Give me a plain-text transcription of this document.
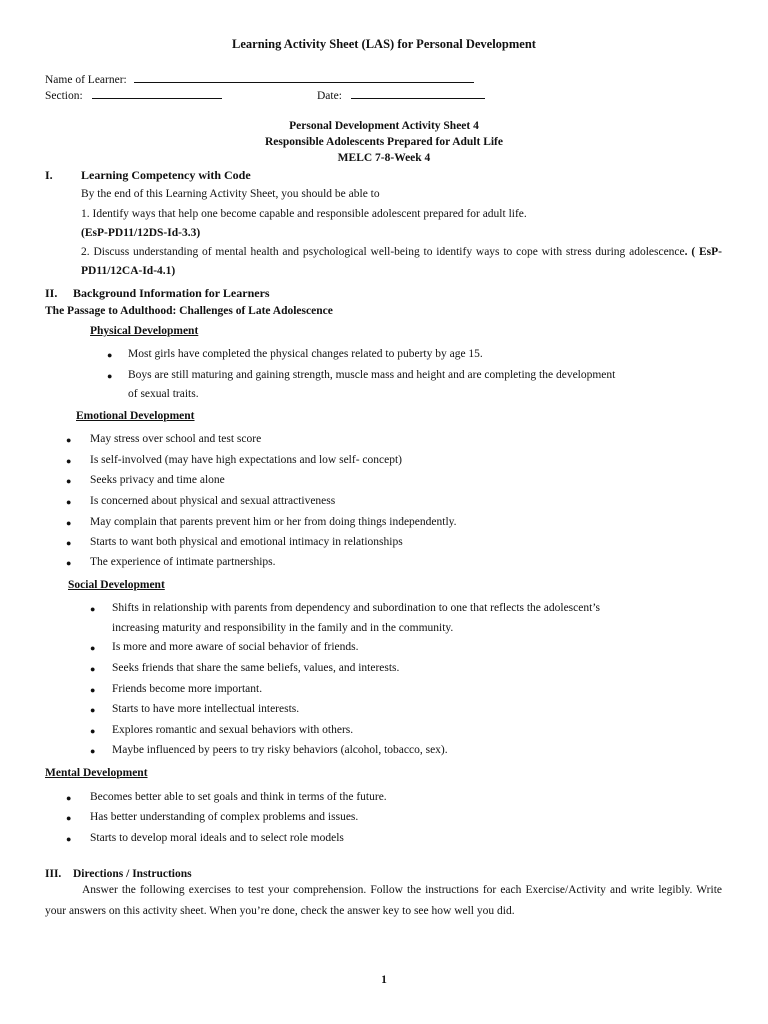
Learning Activity Sheet (LAS) for Personal Development
Name of Learner:
Section:	Date:
Personal Development Activity Sheet 4
Responsible Adolescents Prepared for Adult Life
MELC 7-8-Week 4
I. Learning Competency with Code
By the end of this Learning Activity Sheet, you should be able to
1. Identify ways that help one become capable and responsible adolescent prepared for adult life.
(EsP-PD11/12DS-Id-3.3)
2. Discuss understanding of mental health and psychological well-being to identify ways to cope with stress during adolescence. ( EsP-PD11/12CA-Id-4.1)
II. Background Information for Learners
The Passage to Adulthood: Challenges of Late Adolescence
Physical Development
● Most girls have completed the physical changes related to puberty by age 15.
● Boys are still maturing and gaining strength, muscle mass and height and are completing the development
of sexual traits.
Emotional Development
● May stress over school and test score
● Is self-involved (may have high expectations and low self- concept)
● Seeks privacy and time alone
● Is concerned about physical and sexual attractiveness
● May complain that parents prevent him or her from doing things independently.
● Starts to want both physical and emotional intimacy in relationships
● The experience of intimate partnerships.
Social Development
● Shifts in relationship with parents from dependency and subordination to one that reflects the adolescent’s
increasing maturity and responsibility in the family and in the community.
● Is more and more aware of social behavior of friends.
● Seeks friends that share the same beliefs, values, and interests.
● Friends become more important.
● Starts to have more intellectual interests.
● Explores romantic and sexual behaviors with others.
● Maybe influenced by peers to try risky behaviors (alcohol, tobacco, sex).
Mental Development
● Becomes better able to set goals and think in terms of the future.
● Has better understanding of complex problems and issues.
● Starts to develop moral ideals and to select role models
III. Directions / Instructions
Answer the following exercises to test your comprehension. Follow the instructions for each Exercise/Activity and write legibly. Write your answers on this activity sheet. When you’re done, check the answer key to see how well you did.
1
